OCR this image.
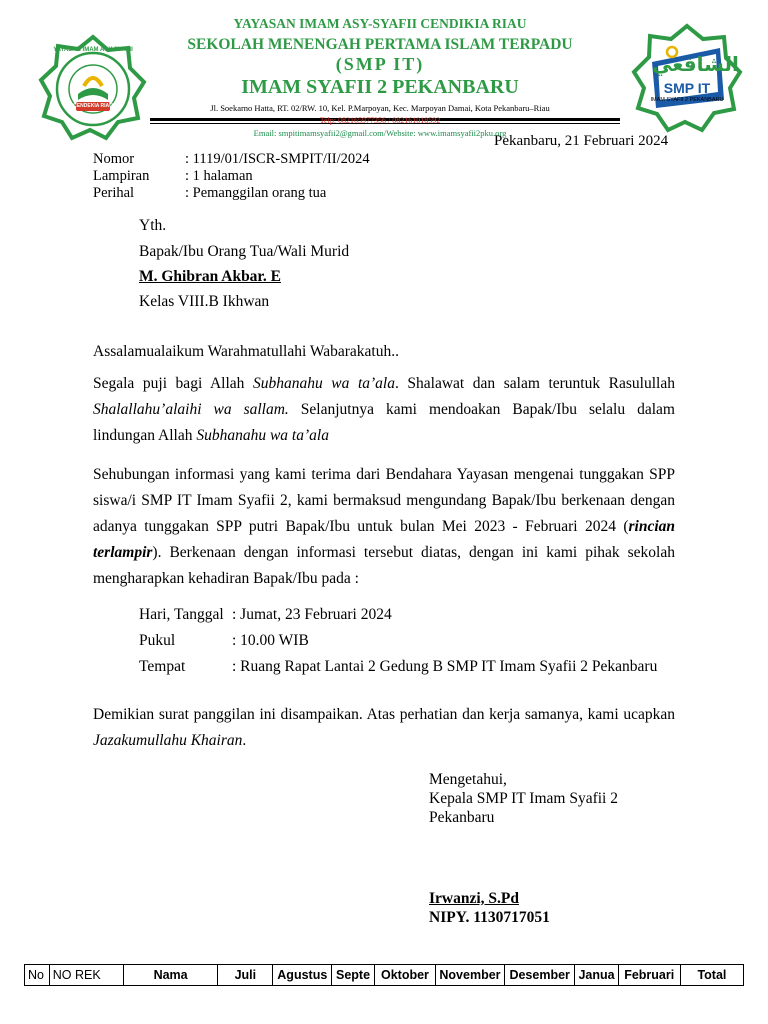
YAYASAN IMAM ASY-SYAFII
CENDEKIA RIAU
الشافعي
SMP IT
IMAM SYAFII 2 PEKANBARU
YAYASAN IMAM ASY-SYAFII CENDIKIA RIAU
SEKOLAH MENENGAH PERTAMA ISLAM TERPADU
(SMP IT)
IMAM SYAFII 2 PEKANBARU
Jl. Soekarno Hatta, RT. 02/RW. 10, Kel. P.Marpoyan, Kec. Marpoyan Damai, Kota Pekanbaru–Riau
Telp: 082165977356 / 082161018592
Email: smpitimamsyafii2@gmail.com/Website: www.imamsyafii2pku.org
Pekanbaru, 21 Februari 2024
Nomor	: 1119/01/ISCR-SMPIT/II/2024
Lampiran : 1 halaman
Perihal	: Pemanggilan orang tua
Yth.
Bapak/Ibu Orang Tua/Wali Murid
M. Ghibran Akbar. E
Kelas VIII.B Ikhwan
Assalamualaikum Warahmatullahi Wabarakatuh..
Segala puji bagi Allah Subhanahu wa ta’ala. Shalawat dan salam teruntuk Rasulullah Shalallahu’alaihi wa sallam. Selanjutnya kami mendoakan Bapak/Ibu selalu dalam lindungan Allah Subhanahu wa ta’ala
Sehubungan informasi yang kami terima dari Bendahara Yayasan mengenai tunggakan SPP siswa/i SMP IT Imam Syafii 2, kami bermaksud mengundang Bapak/Ibu berkenaan dengan adanya tunggakan SPP putri Bapak/Ibu untuk bulan Mei 2023 - Februari 2024 (rincian terlampir). Berkenaan dengan informasi tersebut diatas, dengan ini kami pihak sekolah mengharapkan kehadiran Bapak/Ibu pada :
Hari, Tanggal : Jumat, 23 Februari 2024
Pukul	: 10.00 WIB
Tempat	: Ruang Rapat Lantai 2 Gedung B SMP IT Imam Syafii 2 Pekanbaru
Demikian surat panggilan ini disampaikan. Atas perhatian dan kerja samanya, kami ucapkan Jazakumullahu Khairan.
Mengetahui,
Kepala SMP IT Imam Syafii 2
Pekanbaru
Irwanzi, S.Pd
NIPY. 1130717051
No	NO REK	Nama	Juli	Agustus	Septe	Oktober	November	Desember	Janua	Februari	Total
